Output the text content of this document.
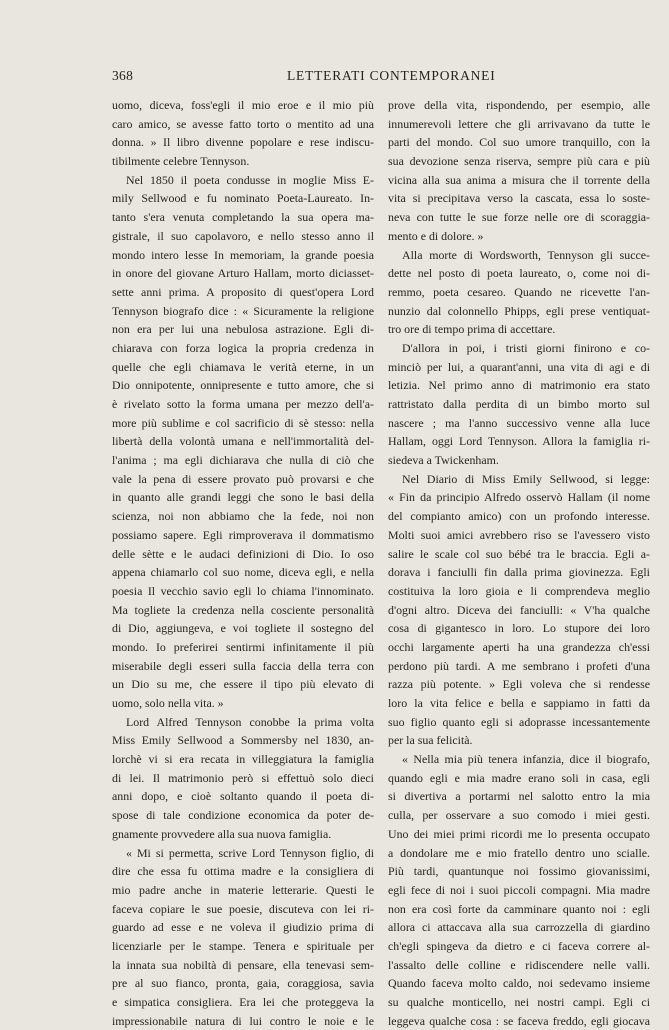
368	LETTERATI CONTEMPORANEI
uomo, diceva, foss'egli il mio eroe e il mio più
caro amico, se avesse fatto torto o mentito ad una
donna. » Il libro divenne popolare e rese indiscu-
tibilmente celebre Tennyson.
Nel 1850 il poeta condusse in moglie Miss E-
mily Sellwood e fu nominato Poeta-Laureato. In-
tanto s'era venuta completando la sua opera ma-
gistrale, il suo capolavoro, e nello stesso anno il
mondo intero lesse In memoriam, la grande poesia
in onore del giovane Arturo Hallam, morto diciasset-
sette anni prima. A proposito di quest'opera Lord
Tennyson biografo dice : « Sicuramente la religione
non era per lui una nebulosa astrazione. Egli di-
chiarava con forza logica la propria credenza in
quelle che egli chiamava le verità eterne, in un
Dio onnipotente, onnipresente e tutto amore, che si
è rivelato sotto la forma umana per mezzo dell'a-
more più sublime e col sacrificio di sè stesso: nella
libertà della volontà umana e nell'immortalità del-
l'anima ; ma egli dichiarava che nulla di ciò che
vale la pena di essere provato può provarsi e che
in quanto alle grandi leggi che sono le basi della
scienza, noi non abbiamo che la fede, noi non
possiamo sapere. Egli rimproverava il dommatismo
delle sètte e le audaci definizioni di Dio. Io oso
appena chiamarlo col suo nome, diceva egli, e nella
poesia Il vecchio savio egli lo chiama l'innominato.
Ma togliete la credenza nella cosciente personalità
di Dio, aggiungeva, e voi togliete il sostegno del
mondo. Io preferirei sentirmi infinitamente il più
miserabile degli esseri sulla faccia della terra con
un Dio su me, che essere il tipo più elevato di
uomo, solo nella vita. »
Lord Alfred Tennyson conobbe la prima volta
Miss Emily Sellwood a Sommersby nel 1830, an-
lorchè vi si era recata in villeggiatura la famiglia
di lei. Il matrimonio però si effettuò solo dieci
anni dopo, e cioè soltanto quando il poeta di-
spose di tale condizione economica da poter de-
gnamente provvedere alla sua nuova famiglia.
« Mi si permetta, scrive Lord Tennyson figlio, di
dire che essa fu ottima madre e la consigliera di
mio padre anche in materie letterarie. Questi le
faceva copiare le sue poesie, discuteva con lei ri-
guardo ad esse e ne voleva il giudizio prima di
licenziarle per le stampe. Tenera e spirituale per
la innata sua nobiltà di pensare, ella tenevasi sem-
pre al suo fianco, pronta, gaia, coraggiosa, savia
e simpatica consigliera. Era lei che proteggeva la
impressionabile natura di lui contro le noie e le
prove della vita, rispondendo, per esempio, alle
innumerevoli lettere che gli arrivavano da tutte le
parti del mondo. Col suo umore tranquillo, con la
sua devozione senza riserva, sempre più cara e più
vicina alla sua anima a misura che il torrente della
vita si precipitava verso la cascata, essa lo soste-
neva con tutte le sue forze nelle ore di scoraggia-
mento e di dolore. »
Alla morte di Wordsworth, Tennyson gli succe-
dette nel posto di poeta laureato, o, come noi di-
remmo, poeta cesareo. Quando ne ricevette l'an-
nunzio dal colonnello Phipps, egli prese ventiquat-
tro ore di tempo prima di accettare.
D'allora in poi, i tristi giorni finirono e co-
minciò per lui, a quarant'anni, una vita di agi e di
letizia. Nel primo anno di matrimonio era stato
rattristato dalla perdita di un bimbo morto sul
nascere ; ma l'anno successivo venne alla luce
Hallam, oggi Lord Tennyson. Allora la famiglia ri-
siedeva a Twickenham.
Nel Diario di Miss Emily Sellwood, si legge:
« Fin da principio Alfredo osservò Hallam (il nome
del compianto amico) con un profondo interesse.
Molti suoi amici avrebbero riso se l'avessero visto
salire le scale col suo bébé tra le braccia. Egli a-
dorava i fanciulli fin dalla prima giovinezza. Egli
costituiva la loro gioia e li comprendeva meglio
d'ogni altro. Diceva dei fanciulli: « V'ha qualche
cosa di gigantesco in loro. Lo stupore dei loro
occhi largamente aperti ha una grandezza ch'essi
perdono più tardi. A me sembrano i profeti d'una
razza più potente. » Egli voleva che si rendesse
loro la vita felice e bella e sappiamo in fatti da
suo figlio quanto egli si adoprasse incessantemente
per la sua felicità.
« Nella mia più tenera infanzia, dice il biografo,
quando egli e mia madre erano soli in casa, egli
si divertiva a portarmi nel salotto entro la mia
culla, per osservare a suo comodo i miei gesti.
Uno dei miei primi ricordi me lo presenta occupato
a dondolare me e mio fratello dentro uno scialle.
Più tardi, quantunque noi fossimo giovanissimi,
egli fece di noi i suoi piccoli compagni. Mia madre
non era così forte da camminare quanto noi : egli
allora ci attaccava alla sua carrozzella di giardino
ch'egli spingeva da dietro e ci faceva correre al-
l'assalto delle colline e ridiscendere nelle valli.
Quando faceva molto caldo, noi sedevamo insieme
su qualche monticello, nei nostri campi. Egli ci
leggeva qualche cosa : se faceva freddo, egli giocava
